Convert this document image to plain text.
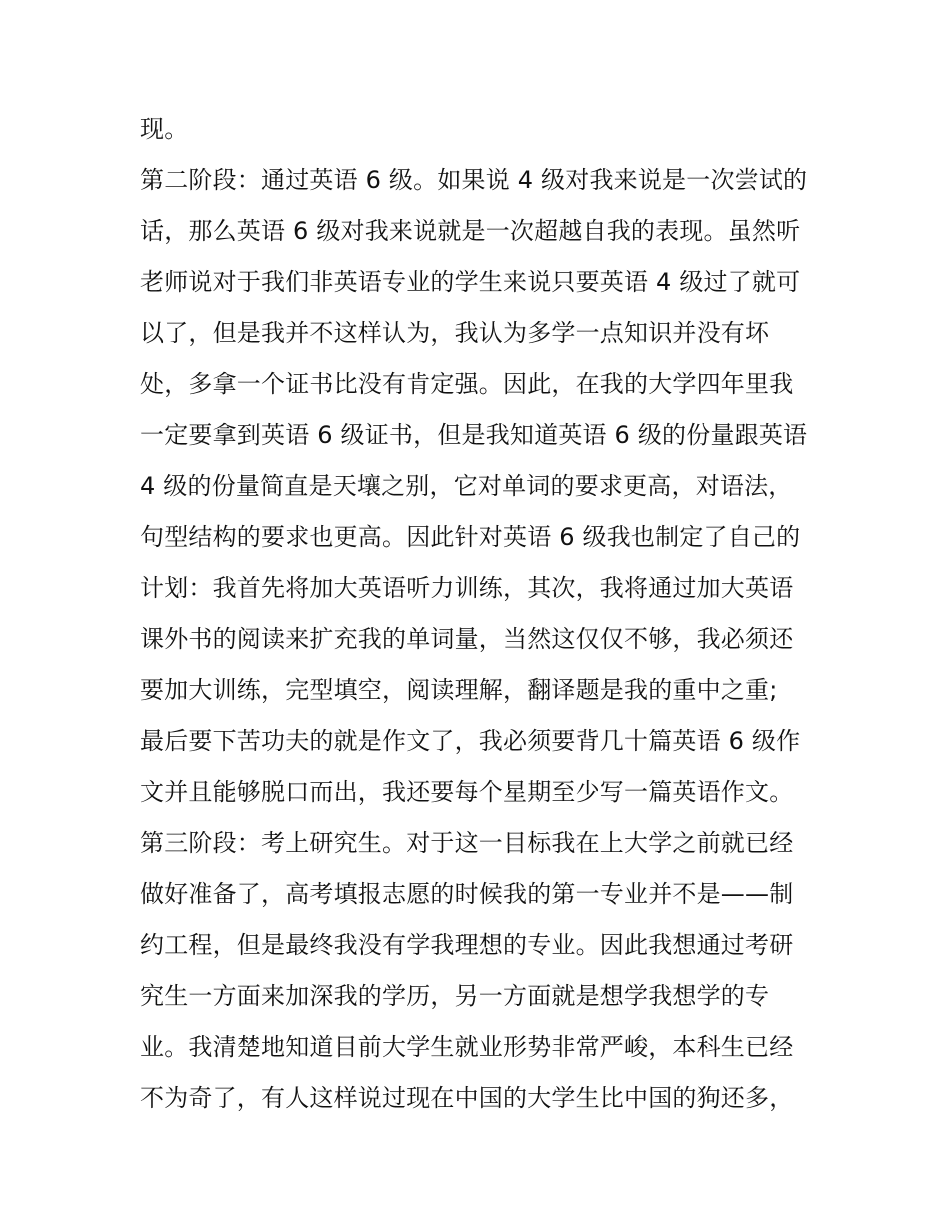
现。
第二阶段：通过英语 6 级。如果说 4 级对我来说是一次尝试的
话，那么英语 6 级对我来说就是一次超越自我的表现。虽然听
老师说对于我们非英语专业的学生来说只要英语 4 级过了就可
以了，但是我并不这样认为，我认为多学一点知识并没有坏
处，多拿一个证书比没有肯定强。因此，在我的大学四年里我
一定要拿到英语 6 级证书，但是我知道英语 6 级的份量跟英语
4 级的份量简直是天壤之别，它对单词的要求更高，对语法，
句型结构的要求也更高。因此针对英语 6 级我也制定了自己的
计划：我首先将加大英语听力训练，其次，我将通过加大英语
课外书的阅读来扩充我的单词量，当然这仅仅不够，我必须还
要加大训练，完型填空，阅读理解，翻译题是我的重中之重;
最后要下苦功夫的就是作文了，我必须要背几十篇英语 6 级作
文并且能够脱口而出，我还要每个星期至少写一篇英语作文。
第三阶段：考上研究生。对于这一目标我在上大学之前就已经
做好准备了，高考填报志愿的时候我的第一专业并不是——制
约工程，但是最终我没有学我理想的专业。因此我想通过考研
究生一方面来加深我的学历，另一方面就是想学我想学的专
业。我清楚地知道目前大学生就业形势非常严峻，本科生已经
不为奇了，有人这样说过现在中国的大学生比中国的狗还多，
